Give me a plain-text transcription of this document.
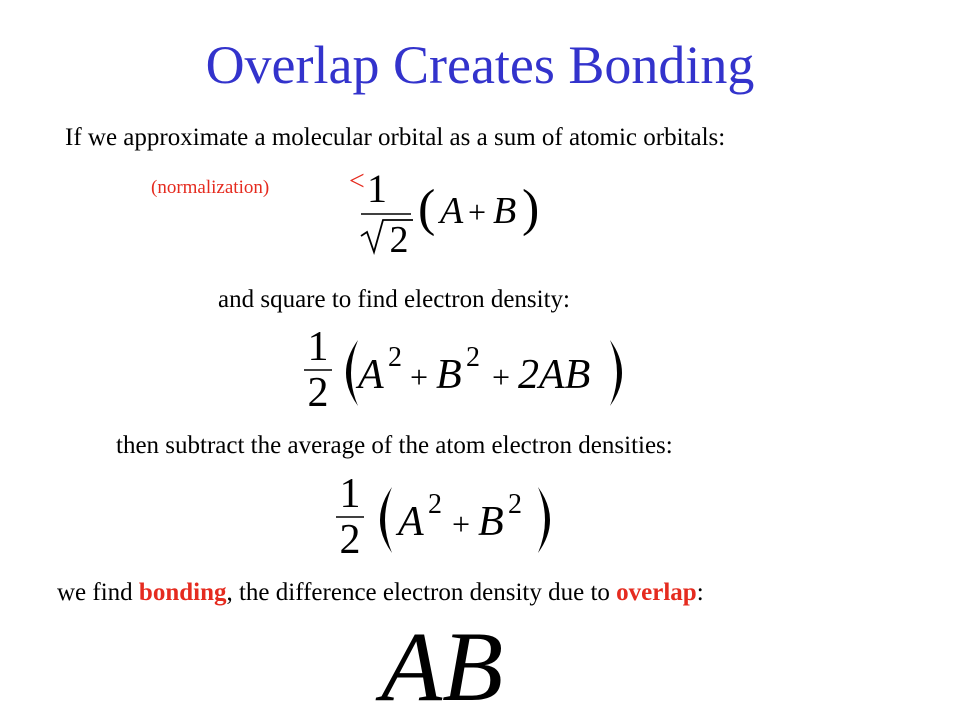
Overlap Creates Bonding
If we approximate a molecular orbital as a sum of atomic orbitals:
(normalization)	< 1
2
( A + B )
and square to find electron density:
1
2 A 2
+ B 2
+ 2AB
then subtract the average of the atom electron densities:
1
2 A 2
+ B 2
we find bonding, the difference electron density due to overlap:
AB
